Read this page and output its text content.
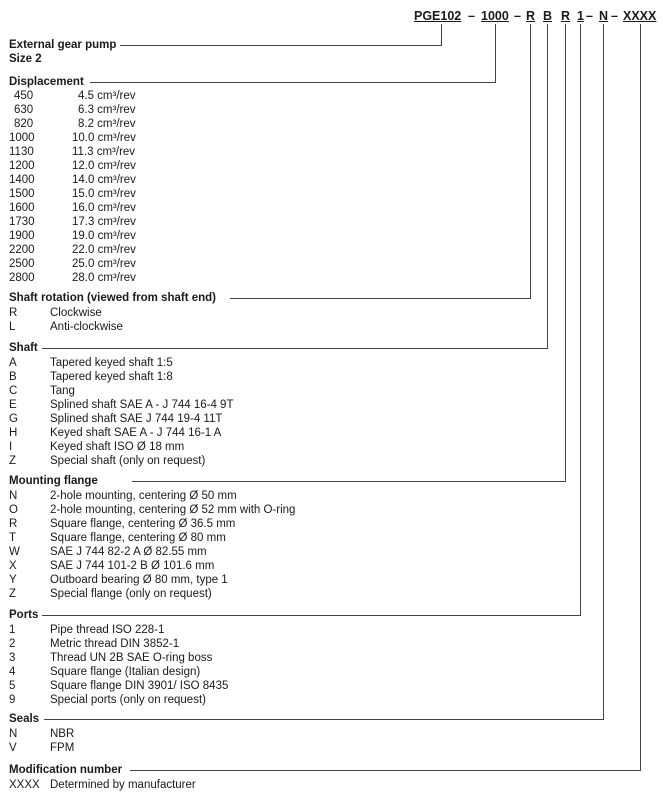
PGE102 – 1000 – R B R 1 – N – XXXX
External gear pump
Size 2
Displacement
450	4.5 cm³/rev
630	6.3 cm³/rev
820	8.2 cm³/rev
1000	10.0 cm³/rev
1130	11.3 cm³/rev
1200	12.0 cm³/rev
1400	14.0 cm³/rev
1500	15.0 cm³/rev
1600	16.0 cm³/rev
1730	17.3 cm³/rev
1900	19.0 cm³/rev
2200	22.0 cm³/rev
2500	25.0 cm³/rev
2800	28.0 cm³/rev
Shaft rotation (viewed from shaft end)
R	Clockwise
L	Anti-clockwise
Shaft
A	Tapered keyed shaft 1:5
B	Tapered keyed shaft 1:8
C	Tang
E	Splined shaft SAE A - J 744 16-4 9T
G	Splined shaft SAE J 744 19-4 11T
H	Keyed shaft SAE A - J 744 16-1 A
I	Keyed shaft ISO Ø 18 mm
Z	Special shaft (only on request)
Mounting flange
N	2-hole mounting, centering Ø 50 mm
O	2-hole mounting, centering Ø 52 mm with O-ring
R	Square flange, centering Ø 36.5 mm
T	Square flange, centering Ø 80 mm
W	SAE J 744 82-2 A Ø 82.55 mm
X	SAE J 744 101-2 B Ø 101.6 mm
Y	Outboard bearing Ø 80 mm, type 1
Z	Special flange (only on request)
Ports
1	Pipe thread ISO 228-1
2	Metric thread DIN 3852-1
3	Thread UN 2B SAE O-ring boss
4	Square flange (Italian design)
5	Square flange DIN 3901/ ISO 8435
9	Special ports (only on request)
Seals
N	NBR
V	FPM
Modification number
XXXX Determined by manufacturer
